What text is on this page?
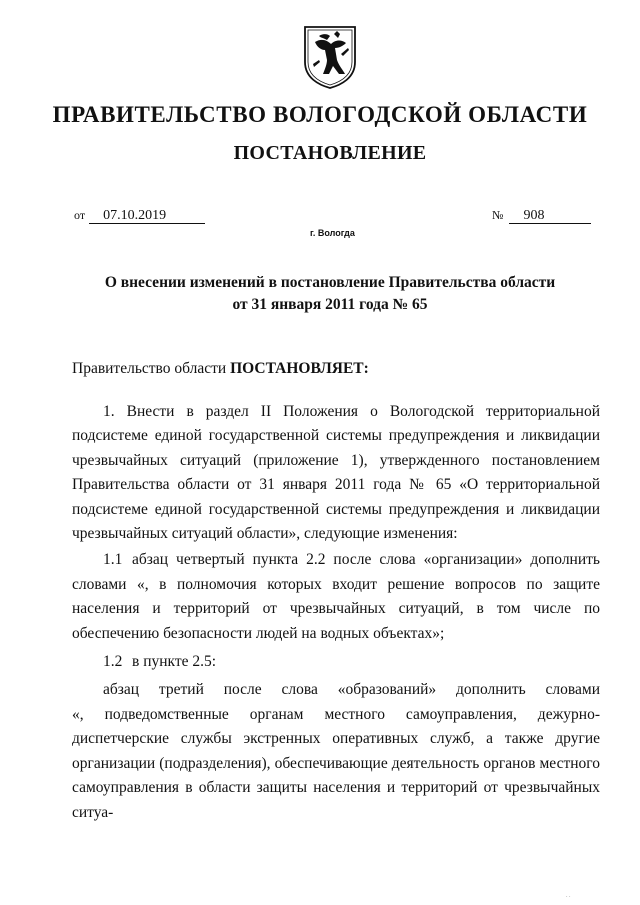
ПРАВИТЕЛЬСТВО ВОЛОГОДСКОЙ ОБЛАСТИ
ПОСТАНОВЛЕНИЕ
от 07.10.2019	№ 908
г. Вологда
О внесении изменений в постановление Правительства области
от 31 января 2011 года № 65
Правительство области ПОСТАНОВЛЯЕТ:

1. Внести в раздел II Положения о Вологодской территориальной подсистеме единой государственной системы предупреждения и ликвидации чрезвычайных ситуаций (приложение 1), утвержденного постановлением Правительства области от 31 января 2011 года № 65 «О территориальной подсистеме единой государственной системы предупреждения и ликвидации чрезвычайных ситуаций области», следующие изменения:

1.1 абзац четвертый пункта 2.2 после слова «организации» дополнить словами «, в полномочия которых входит решение вопросов по защите населения и территорий от чрезвычайных ситуаций, в том числе по обеспечению безопасности людей на водных объектах»;

1.2 в пункте 2.5:

абзац третий после слова «образований» дополнить словами

«, подведомственные органам местного самоуправления, дежурно-диспетчерские службы экстренных оперативных служб, а также другие организации (подразделения), обеспечивающие деятельность органов местного самоуправления в области защиты населения и территорий от чрезвычайных ситуа-

. .
